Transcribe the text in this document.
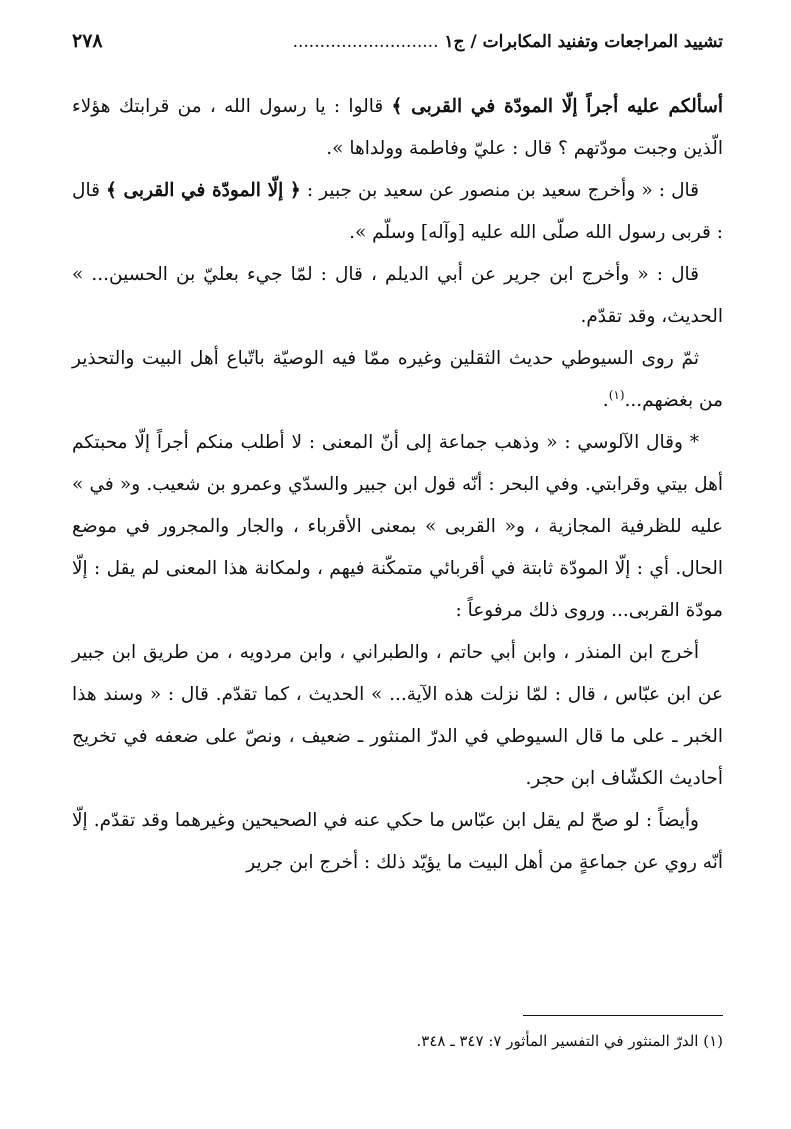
تشييد المراجعات وتفنيد المكابرات / ج١ ...........................
٢٧٨

أسألكم عليه أجراً إلّا المودّة في القربى ﴾ قالوا : يا رسول الله ، من قرابتك هؤلاء الّذين وجبت مودّتهم ؟ قال : عليّ وفاطمة وولداها ».

قال : « وأخرج سعيد بن منصور عن سعيد بن جبير : ﴿ إلّا المودّة في القربى ﴾ قال : قربى رسول الله صلّى الله عليه [وآله] وسلّم ».

قال : « وأخرج ابن جرير عن أبي الديلم ، قال : لمّا جيء بعليّ بن الحسين... » الحديث، وقد تقدّم.

ثمّ روى السيوطي حديث الثقلين وغيره ممّا فيه الوصيّة باتّباع أهل البيت والتحذير من بغضهم...$^{(١)}$.

* وقال الآلوسي : « وذهب جماعة إلى أنّ المعنى : لا أطلب منكم أجراً إلّا محبتكم أهل بيتي وقرابتي. وفي البحر : أنّه قول ابن جبير والسدّي وعمرو بن شعيب. و« في » عليه للظرفية المجازية ، و« القربى » بمعنى الأقرباء ، والجار والمجرور في موضع الحال. أي : إلّا المودّة ثابتة في أقربائي متمكّنة فيهم ، ولمكانة هذا المعنى لم يقل : إلّا مودّة القربى... وروى ذلك مرفوعاً :

أخرج ابن المنذر ، وابن أبي حاتم ، والطبراني ، وابن مردويه ، من طريق ابن جبير عن ابن عبّاس ، قال : لمّا نزلت هذه الآية... » الحديث ، كما تقدّم. قال : « وسند هذا الخبر ـ على ما قال السيوطي في الدرّ المنثور ـ ضعيف ، ونصّ على ضعفه في تخريج أحاديث الكشّاف ابن حجر.

وأيضاً : لو صحّ لم يقل ابن عبّاس ما حكي عنه في الصحيحين وغيرهما وقد تقدّم. إلّا أنّه روي عن جماعةٍ من أهل البيت ما يؤيّد ذلك : أخرج ابن جرير

(١) الدرّ المنثور في التفسير المأثور ٧: ٣٤٧ ـ ٣٤٨.
